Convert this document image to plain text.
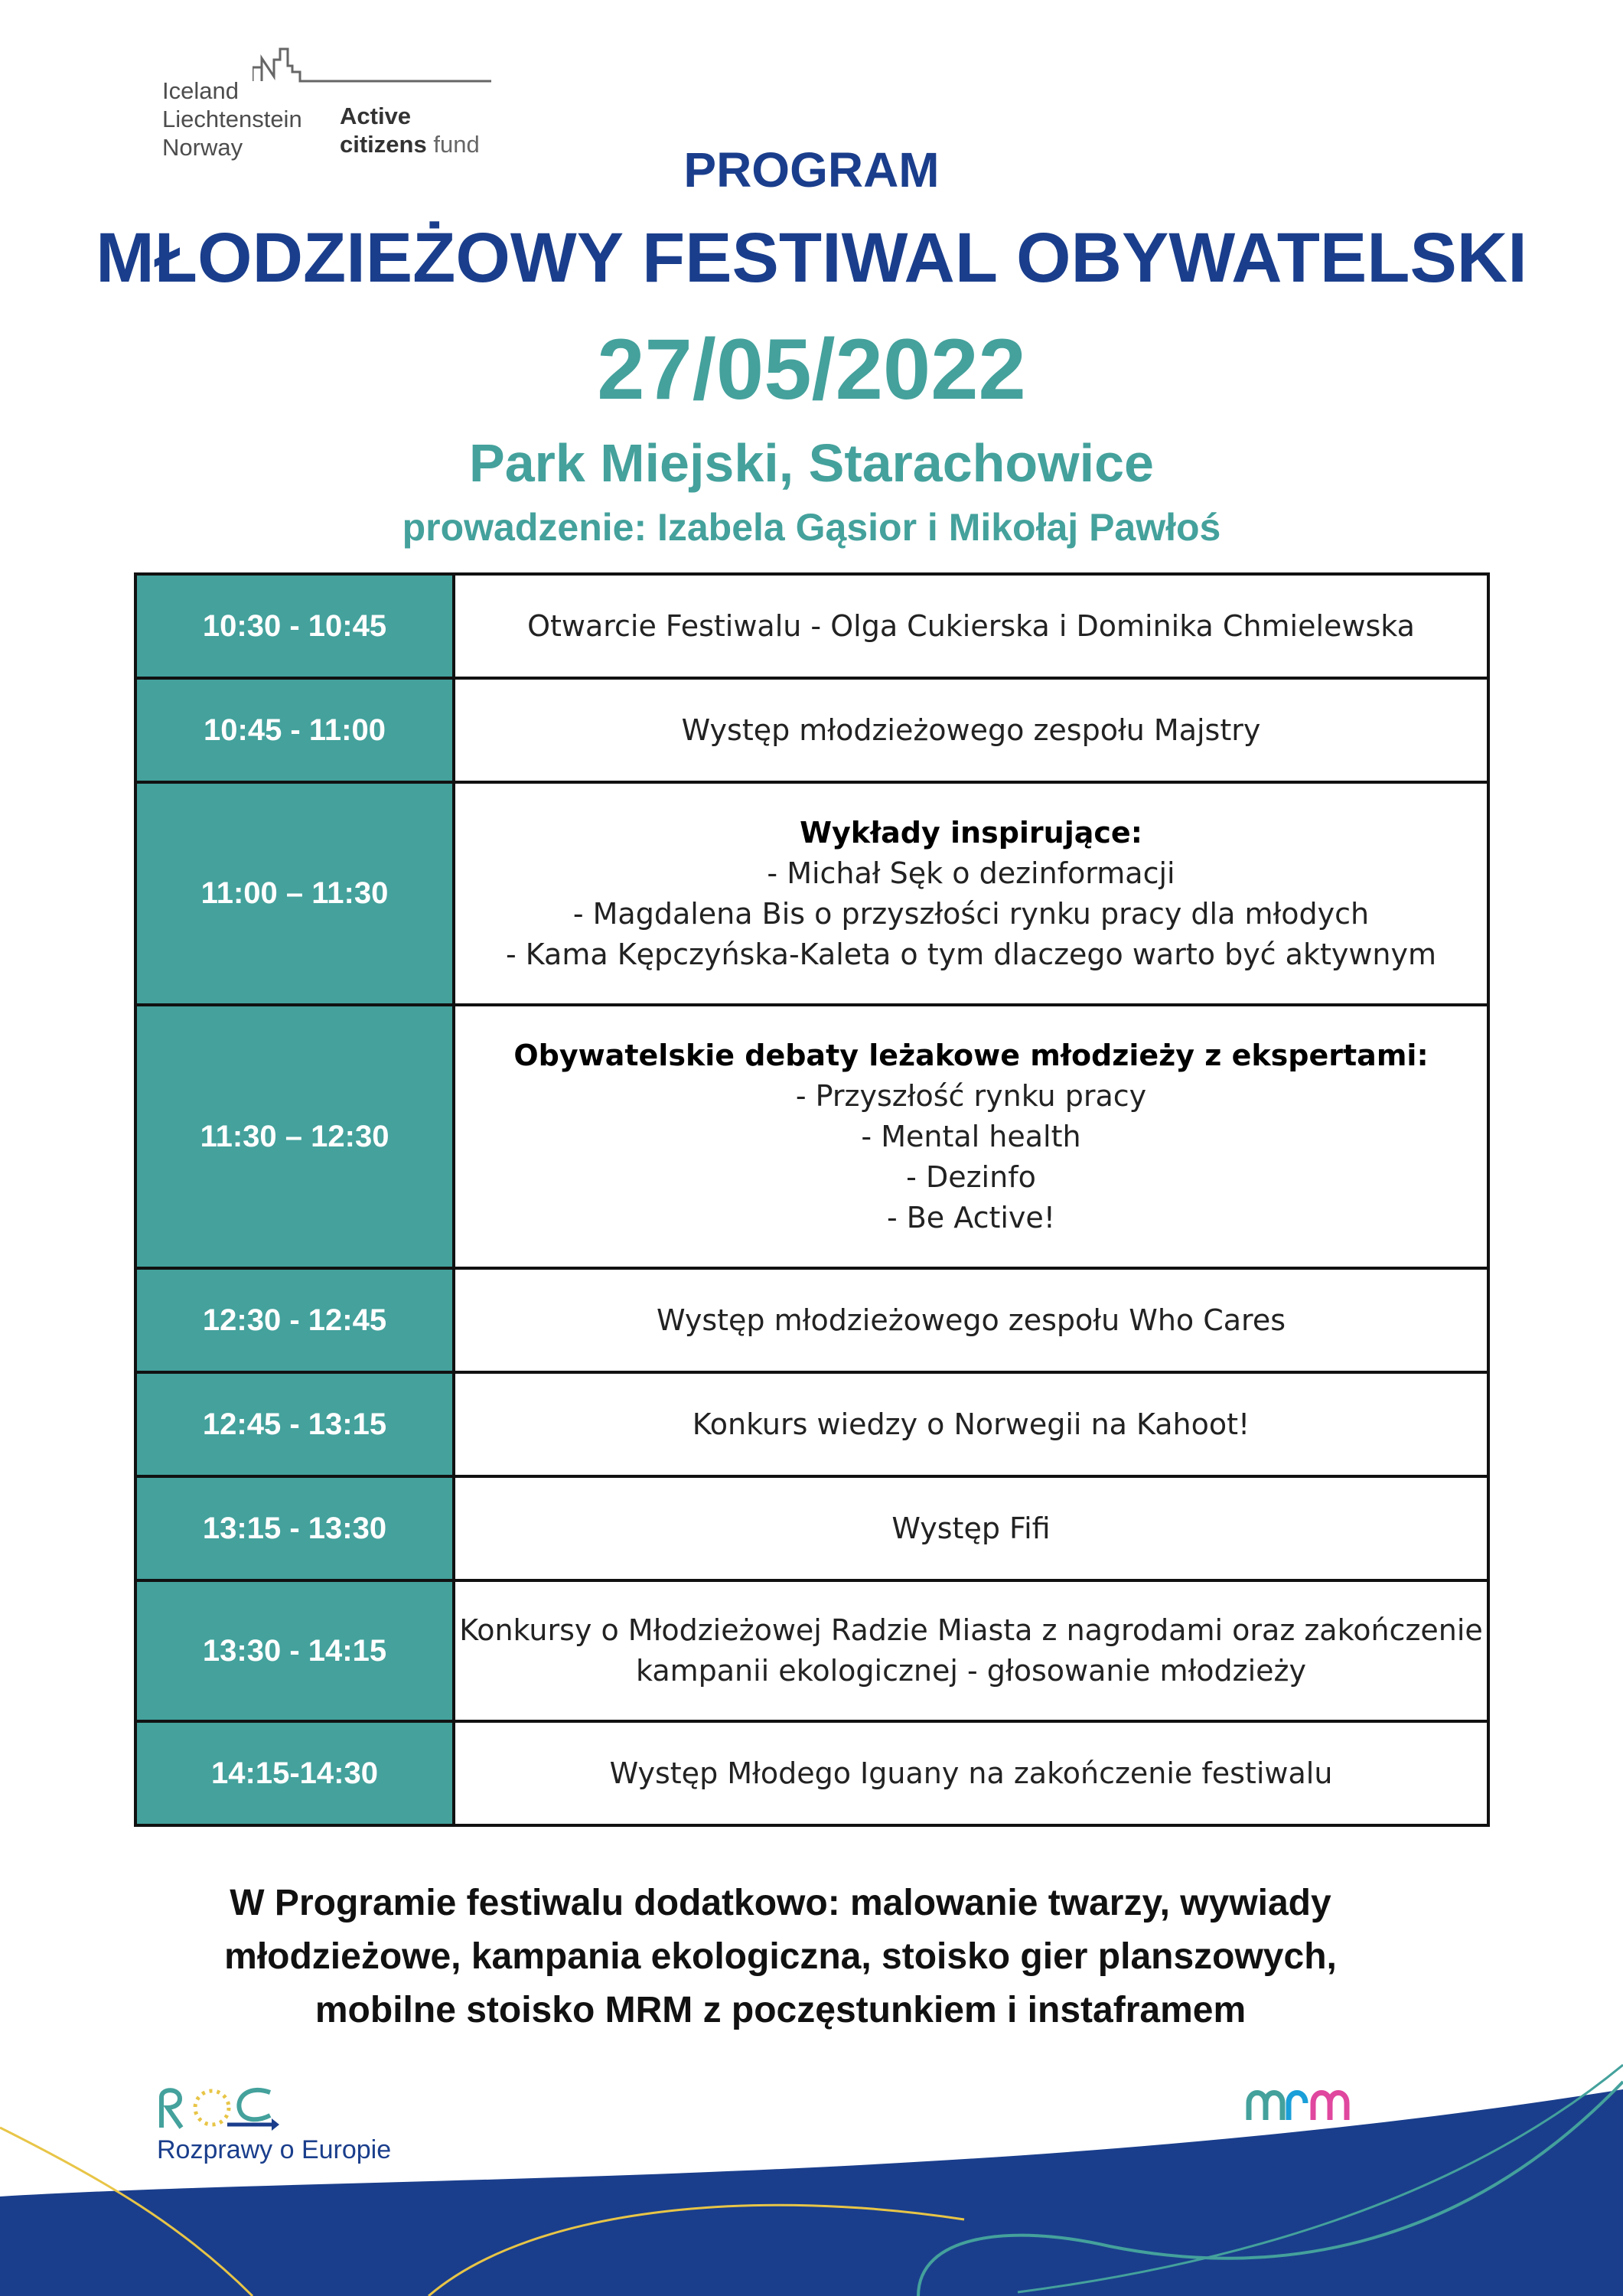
Iceland
Liechtenstein
Norway
Active
citizens fund	PROGRAM
MŁODZIEŻOWY FESTIWAL OBYWATELSKI
27/05/2022
Park Miejski, Starachowice
prowadzenie: Izabela Gąsior i Mikołaj Pawłoś
10:30 - 10:45	Otwarcie Festiwalu - Olga Cukierska i Dominika Chmielewska

10:45 - 11:00	Występ młodzieżowego zespołu Majstry

11:00 – 11:30	Wykłady inspirujące:
- Michał Sęk o dezinformacji
- Magdalena Bis o przyszłości rynku pracy dla młodych
- Kama Kępczyńska-Kaleta o tym dlaczego warto być aktywnym

11:30 – 12:30	Obywatelskie debaty leżakowe młodzieży z ekspertami:
- Przyszłość rynku pracy
- Mental health
- Dezinfo
- Be Active!

12:30 - 12:45	Występ młodzieżowego zespołu Who Cares

12:45 - 13:15	Konkurs wiedzy o Norwegii na Kahoot!

13:15 - 13:30	Występ Fifi

13:30 - 14:15	Konkursy o Młodzieżowej Radzie Miasta z nagrodami oraz zakończenie
kampanii ekologicznej - głosowanie młodzieży

14:15-14:30	Występ Młodego Iguany na zakończenie festiwalu
W Programie festiwalu dodatkowo: malowanie twarzy, wywiady
młodzieżowe, kampania ekologiczna, stoisko gier planszowych,
mobilne stoisko MRM z poczęstunkiem i instaframem
Rozprawy o Europie	MŁODZIEŻOWA RADA
Miasta Starachowice
